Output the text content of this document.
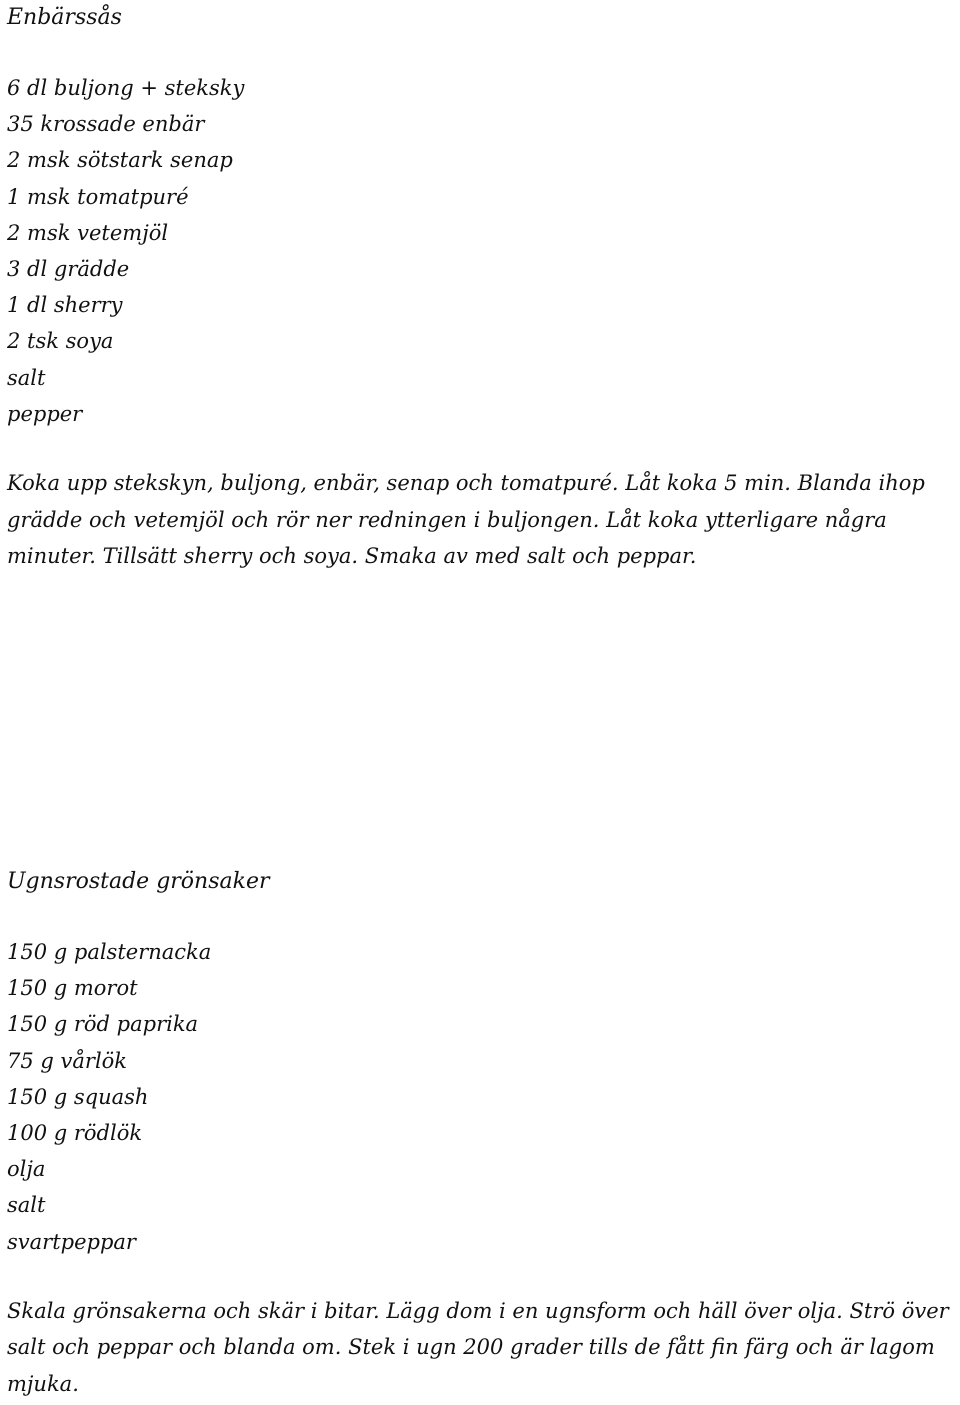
Enbärssås
6 dl buljong + steksky
35 krossade enbär
2 msk sötstark senap
1 msk tomatpuré
2 msk vetemjöl
3 dl grädde
1 dl sherry
2 tsk soya
salt
pepper

Koka upp stekskyn, buljong, enbär, senap och tomatpuré. Låt koka 5 min. Blanda ihop grädde och vetemjöl och rör ner redningen i buljongen. Låt koka ytterligare några minuter. Tillsätt sherry och soya. Smaka av med salt och peppar.

Ugnsrostade grönsaker
150 g palsternacka
150 g morot
150 g röd paprika
75 g vårlök
150 g squash
100 g rödlök
olja
salt
svartpeppar

Skala grönsakerna och skär i bitar. Lägg dom i en ugnsform och häll över olja. Strö över salt och peppar och blanda om. Stek i ugn 200 grader tills de fått fin färg och är lagom mjuka.
